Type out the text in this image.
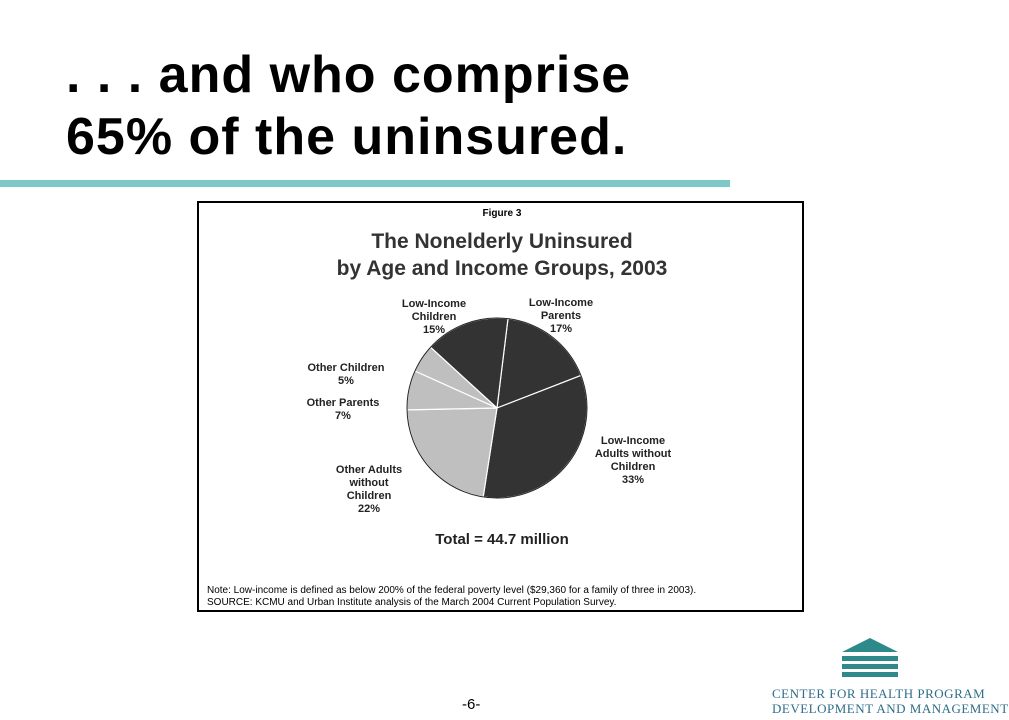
. . . and who comprise
65% of the uninsured.
Figure 3
The Nonelderly Uninsured
by Age and Income Groups, 2003
Low-Income Parents 17%
Low-Income Adults without Children 33%
Other Adults without Children 22%
Other Parents 7%
Other Children 5%
Low-Income Children 15%
Total = 44.7 million
Note: Low-income is defined as below 200% of the federal poverty level ($29,360 for a family of three in 2003).
SOURCE: KCMU and Urban Institute analysis of the March 2004 Current Population Survey.
-6-
CENTER FOR HEALTH PROGRAM
DEVELOPMENT AND MANAGEMENT
